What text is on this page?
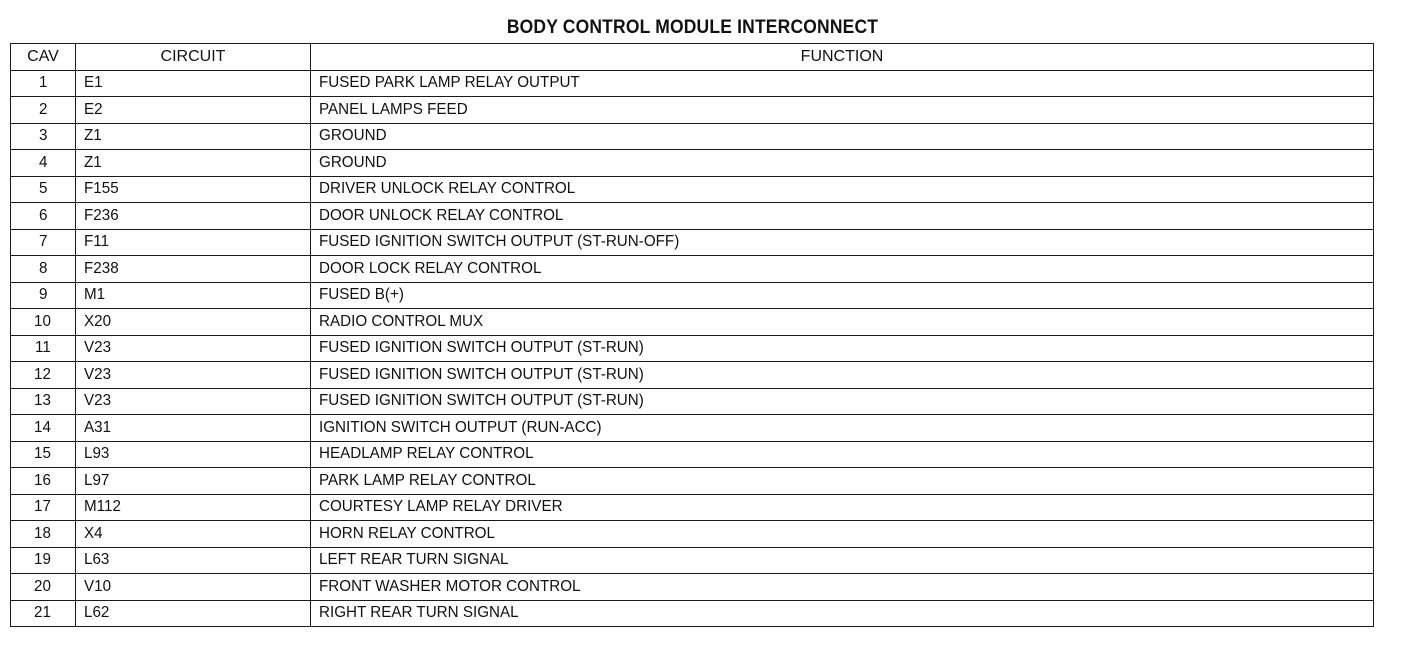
BODY CONTROL MODULE INTERCONNECT
CAV	CIRCUIT	FUNCTION
1	E1	FUSED PARK LAMP RELAY OUTPUT
2	E2	PANEL LAMPS FEED
3	Z1	GROUND
4	Z1	GROUND
5	F155	DRIVER UNLOCK RELAY CONTROL
6	F236	DOOR UNLOCK RELAY CONTROL
7	F11	FUSED IGNITION SWITCH OUTPUT (ST-RUN-OFF)
8	F238	DOOR LOCK RELAY CONTROL
9	M1	FUSED B(+)
10	X20	RADIO CONTROL MUX
11	V23	FUSED IGNITION SWITCH OUTPUT (ST-RUN)
12	V23	FUSED IGNITION SWITCH OUTPUT (ST-RUN)
13	V23	FUSED IGNITION SWITCH OUTPUT (ST-RUN)
14	A31	IGNITION SWITCH OUTPUT (RUN-ACC)
15	L93	HEADLAMP RELAY CONTROL
16	L97	PARK LAMP RELAY CONTROL
17	M112	COURTESY LAMP RELAY DRIVER
18	X4	HORN RELAY CONTROL
19	L63	LEFT REAR TURN SIGNAL
20	V10	FRONT WASHER MOTOR CONTROL
21	L62	RIGHT REAR TURN SIGNAL
